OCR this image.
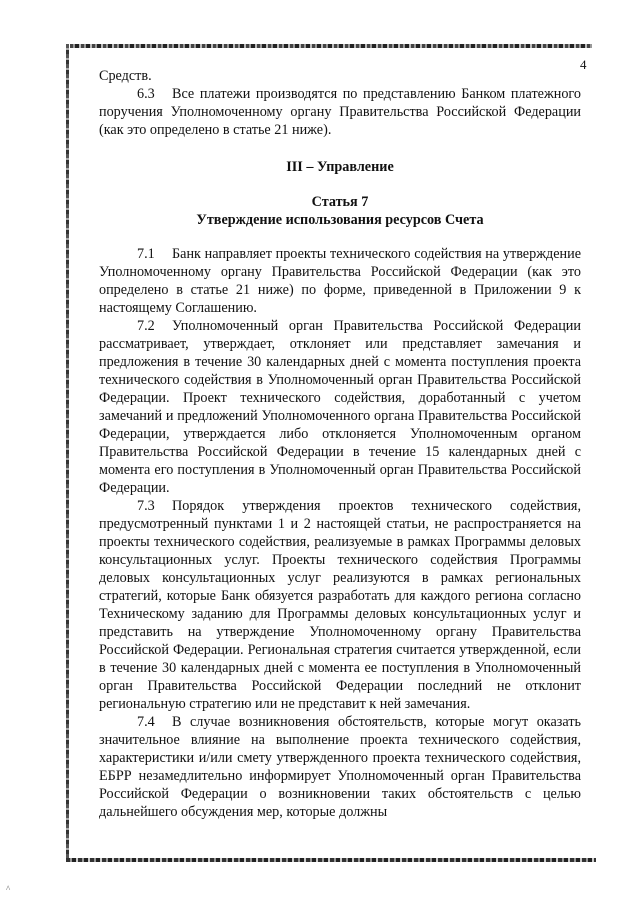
^
4

Средств.

6.3 Все платежи производятся по представлению Банком платежного поручения Уполномоченному органу Правительства Российской Федерации (как это определено в статье 21 ниже).

III – Управление

Статья 7

Утверждение использования ресурсов Счета

7.1 Банк направляет проекты технического содействия на утверждение Уполномоченному органу Правительства Российской Федерации (как это определено в статье 21 ниже) по форме, приведенной в Приложении 9 к настоящему Соглашению.

7.2 Уполномоченный орган Правительства Российской Федерации рассматривает, утверждает, отклоняет или представляет замечания и предложения в течение 30 календарных дней с момента поступления проекта технического содействия в Уполномоченный орган Правительства Российской Федерации. Проект технического содействия, доработанный с учетом замечаний и предложений Уполномоченного органа Правительства Российской Федерации, утверждается либо отклоняется Уполномоченным органом Правительства Российской Федерации в течение 15 календарных дней с момента его поступления в Уполномоченный орган Правительства Российской Федерации.

7.3 Порядок утверждения проектов технического содействия, предусмотренный пунктами 1 и 2 настоящей статьи, не распространяется на проекты технического содействия, реализуемые в рамках Программы деловых консультационных услуг. Проекты технического содействия Программы деловых консультационных услуг реализуются в рамках региональных стратегий, которые Банк обязуется разработать для каждого региона согласно Техническому заданию для Программы деловых консультационных услуг и представить на утверждение Уполномоченному органу Правительства Российской Федерации. Региональная стратегия считается утвержденной, если в течение 30 календарных дней с момента ее поступления в Уполномоченный орган Правительства Российской Федерации последний не отклонит региональную стратегию или не представит к ней замечания.

7.4 В случае возникновения обстоятельств, которые могут оказать значительное влияние на выполнение проекта технического содействия, характеристики и/или смету утвержденного проекта технического содействия, ЕБРР незамедлительно информирует Уполномоченный орган Правительства Российской Федерации о возникновении таких обстоятельств с целью дальнейшего обсуждения мер, которые должны
